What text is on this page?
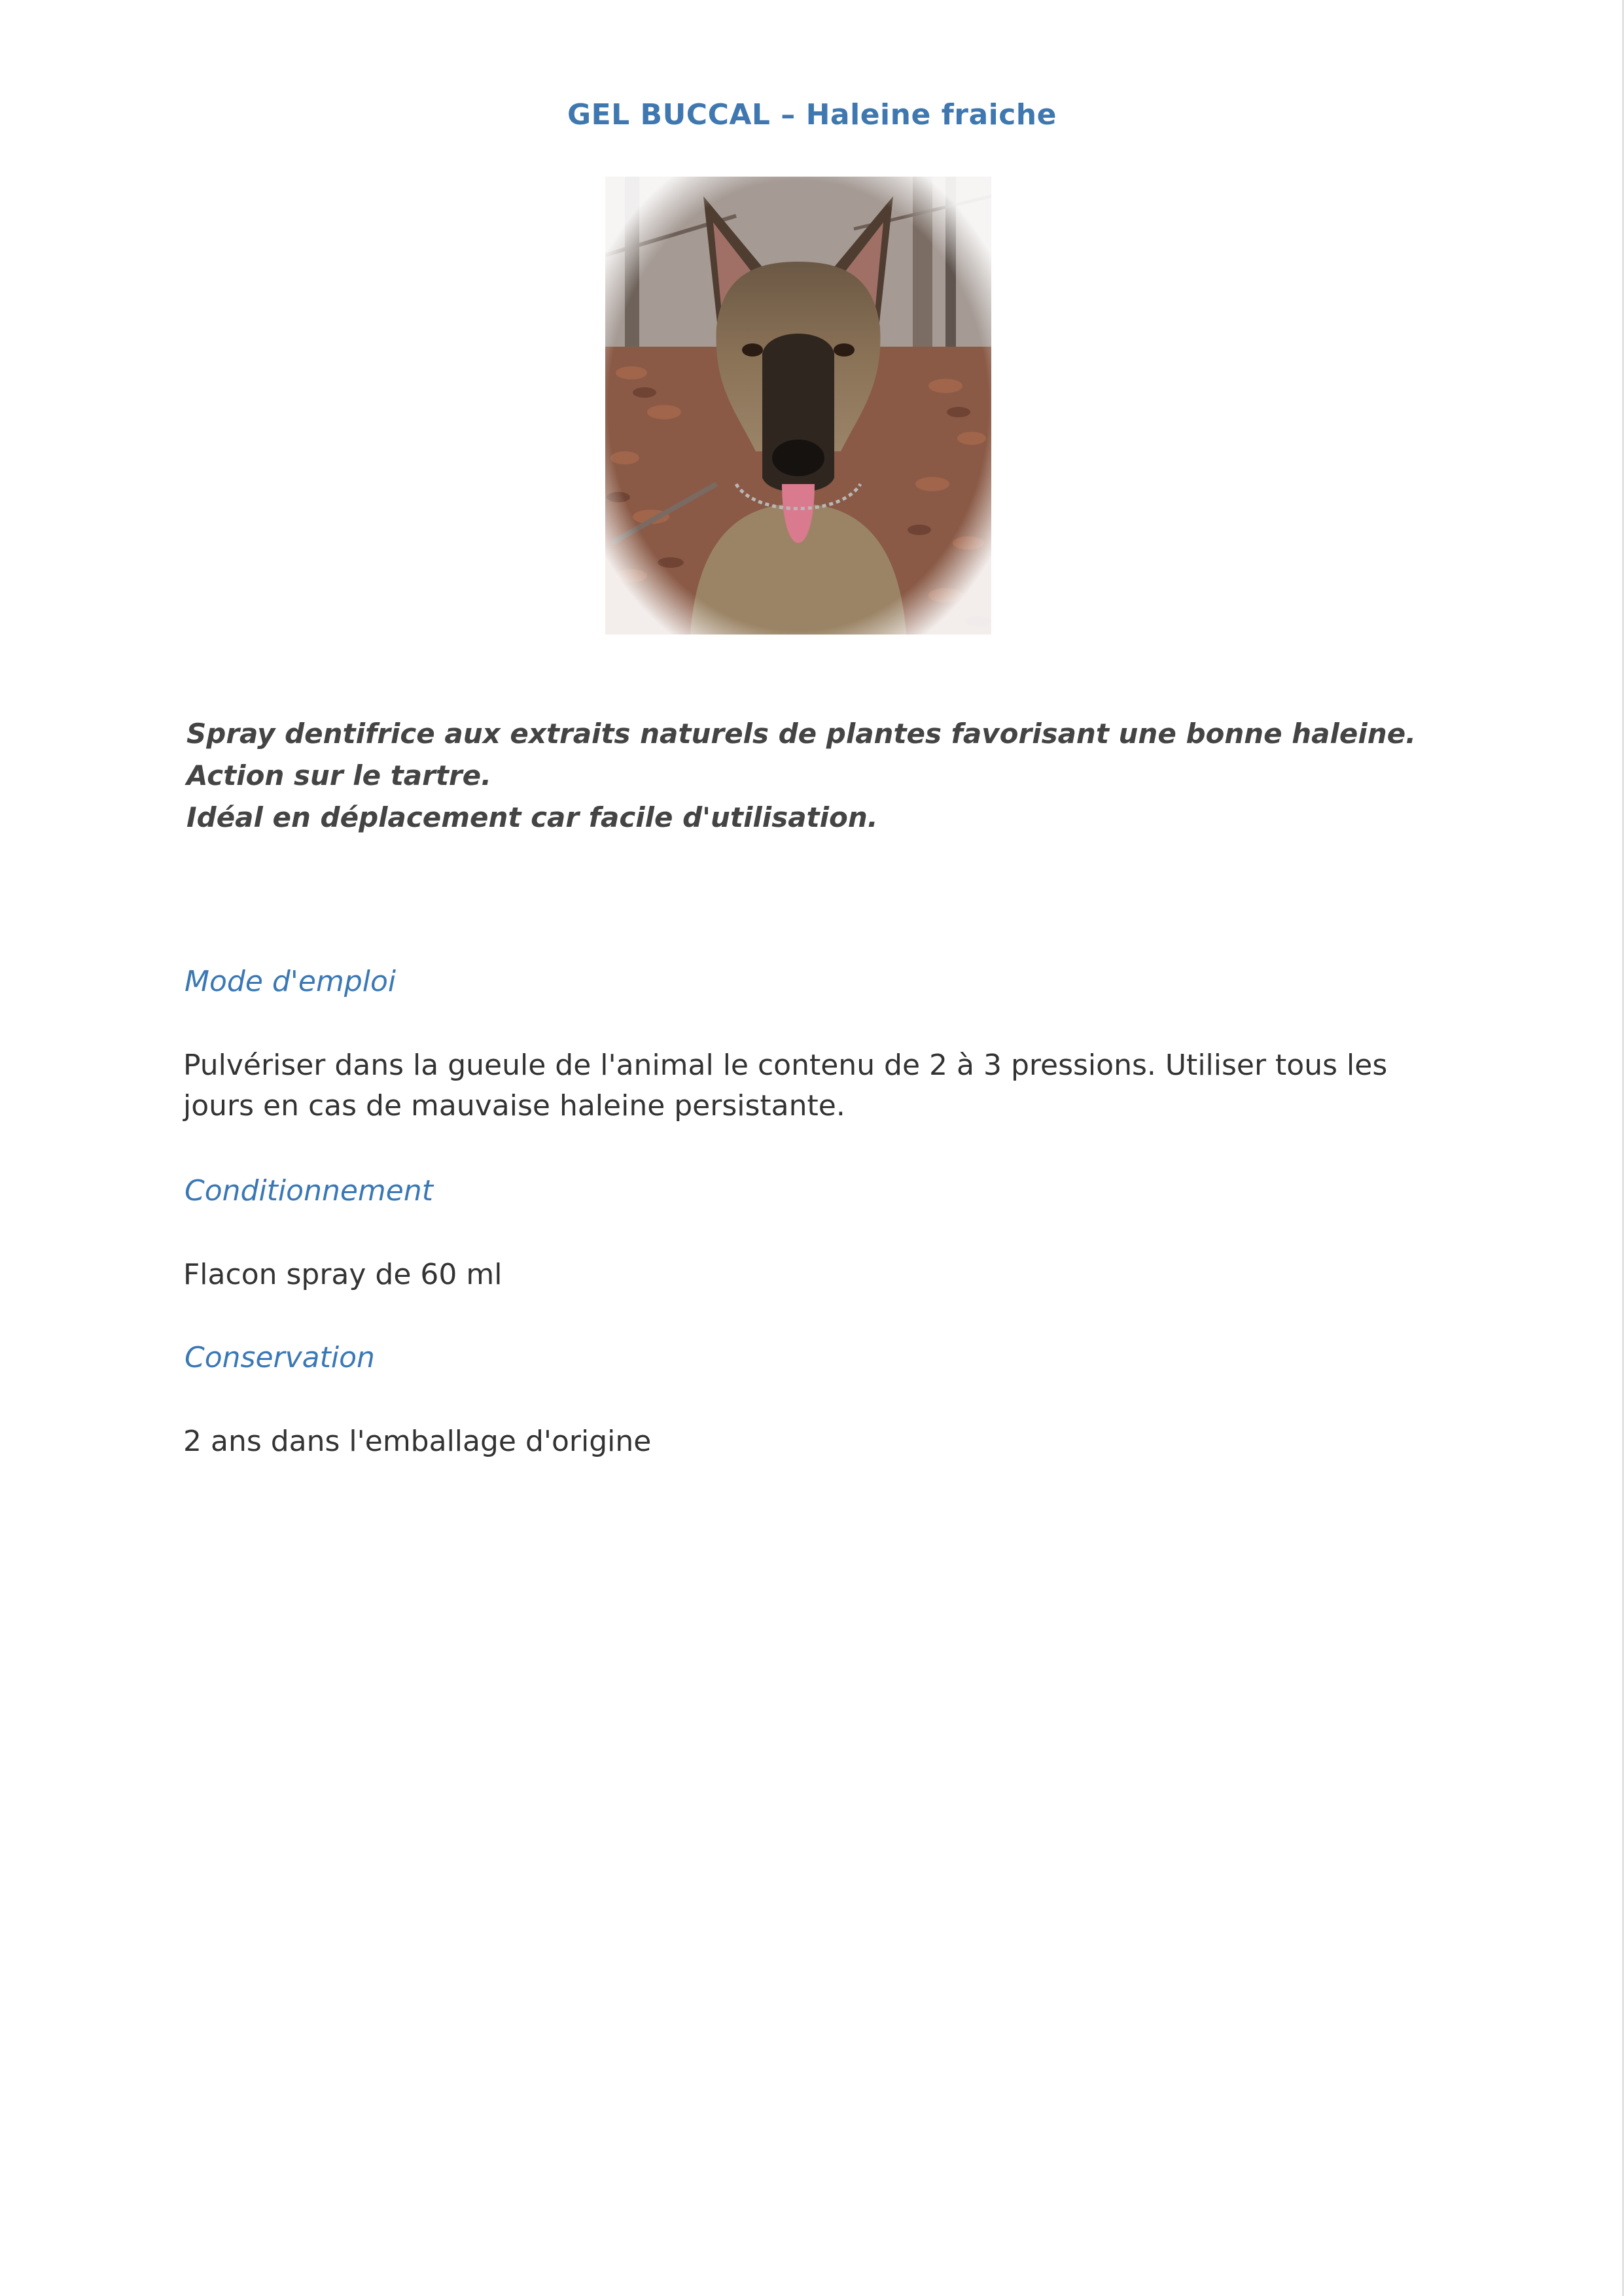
GEL BUCCAL – Haleine fraiche
Spray dentifrice aux extraits naturels de plantes favorisant une bonne haleine.
Action sur le tartre.
Idéal en déplacement car facile d'utilisation.
Mode d'emploi
Pulvériser dans la gueule de l'animal le contenu de 2 à 3 pressions. Utiliser tous les jours en cas de mauvaise haleine persistante.
Conditionnement
Flacon spray de 60 ml
Conservation
2 ans dans l'emballage d'origine
